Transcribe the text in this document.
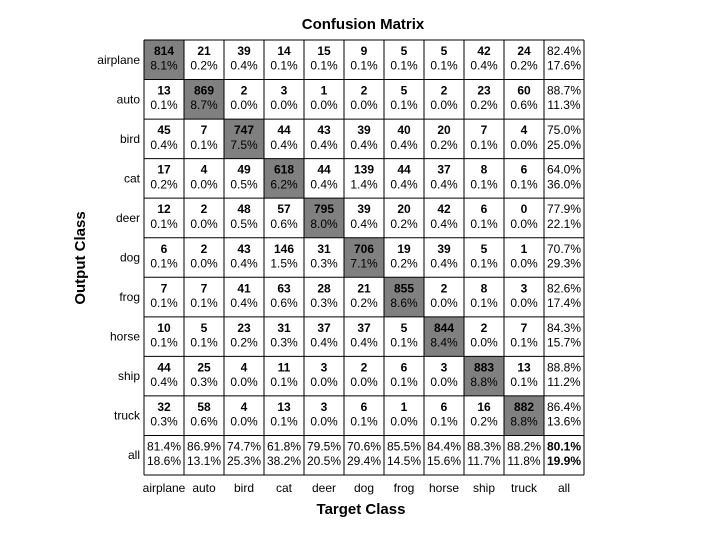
Confusion Matrix
814
8.1%
21
0.2%
39
0.4%
14
0.1%
15
0.1%
9
0.1%
5
0.1%
5
0.1%
42
0.4%
24
0.2%
82.4%
17.6%
13
0.1%
869
8.7%
2
0.0%
3
0.0%
1
0.0%
2
0.0%
5
0.1%
2
0.0%
23
0.2%
60
0.6%
88.7%
11.3%
45
0.4%
7
0.1%
747
7.5%
44
0.4%
43
0.4%
39
0.4%
40
0.4%
20
0.2%
7
0.1%
4
0.0%
75.0%
25.0%
17
0.2%
4
0.0%
49
0.5%
618
6.2%
44
0.4%
139
1.4%
44
0.4%
37
0.4%
8
0.1%
6
0.1%
64.0%
36.0%
12
0.1%
2
0.0%
48
0.5%
57
0.6%
795
8.0%
39
0.4%
20
0.2%
42
0.4%
6
0.1%
0
0.0%
77.9%
22.1%
6
0.1%
2
0.0%
43
0.4%
146
1.5%
31
0.3%
706
7.1%
19
0.2%
39
0.4%
5
0.1%
1
0.0%
70.7%
29.3%
7
0.1%
7
0.1%
41
0.4%
63
0.6%
28
0.3%
21
0.2%
855
8.6%
2
0.0%
8
0.1%
3
0.0%
82.6%
17.4%
10
0.1%
5
0.1%
23
0.2%
31
0.3%
37
0.4%
37
0.4%
5
0.1%
844
8.4%
2
0.0%
7
0.1%
84.3%
15.7%
44
0.4%
25
0.3%
4
0.0%
11
0.1%
3
0.0%
2
0.0%
6
0.1%
3
0.0%
883
8.8%
13
0.1%
88.8%
11.2%
32
0.3%
58
0.6%
4
0.0%
13
0.1%
3
0.0%
6
0.1%
1
0.0%
6
0.1%
16
0.2%
882
8.8%
86.4%
13.6%
81.4%
18.6%
86.9%
13.1%
74.7%
25.3%
61.8%
38.2%
79.5%
20.5%
70.6%
29.4%
85.5%
14.5%
84.4%
15.6%
88.3%
11.7%
88.2%
11.8%
80.1%
19.9%
airplane
airplane
auto
auto
bird
bird
cat
cat
deer
deer
dog
dog
frog
frog
horse
horse
ship
ship
truck
truck
all
all
Target Class
Output Class
